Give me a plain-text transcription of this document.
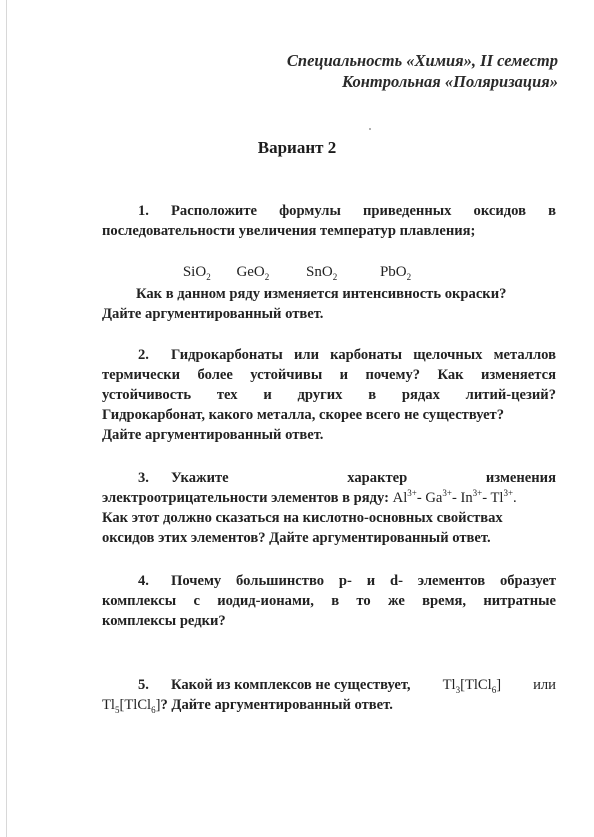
Специальность «Химия», II семестр
Контрольная «Поляризация»
Вариант 2
1.	Расположите формулы приведенных оксидов в
последовательности увеличения температур плавления;
SiO$_2$ GeO$_2$ SnO$_2$	PbO$_2$
Как в данном ряду изменяется интенсивность окраски?
Дайте аргументированный ответ.
2.	Гидрокарбонаты или карбонаты щелочных металлов
термически более устойчивы и почему? Как изменяется
устойчивость тех и других в рядах литий-цезий?
Гидрокарбонат, какого металла, скорее всего не существует?
Дайте аргументированный ответ.
3. Укажите	характер	изменения
электроотрицательности элементов в ряду: $Al^{3+}-$ $Ga^{3+}-$ $In^{3+}-$ $Tl^{3+}$.
Как этот должно сказаться на кислотно-основных свойствах
оксидов этих элементов? Дайте аргументированный ответ.
4.	Почему большинство p- и d- элементов образует
комплексы с иодид-ионами, в то же время, нитратные
комплексы редки?
5. Какой из комплексов не существует, $Tl_3[TlCl_6]$ или
$Tl_5[TlCl_6]$? Дайте аргументированный ответ.
